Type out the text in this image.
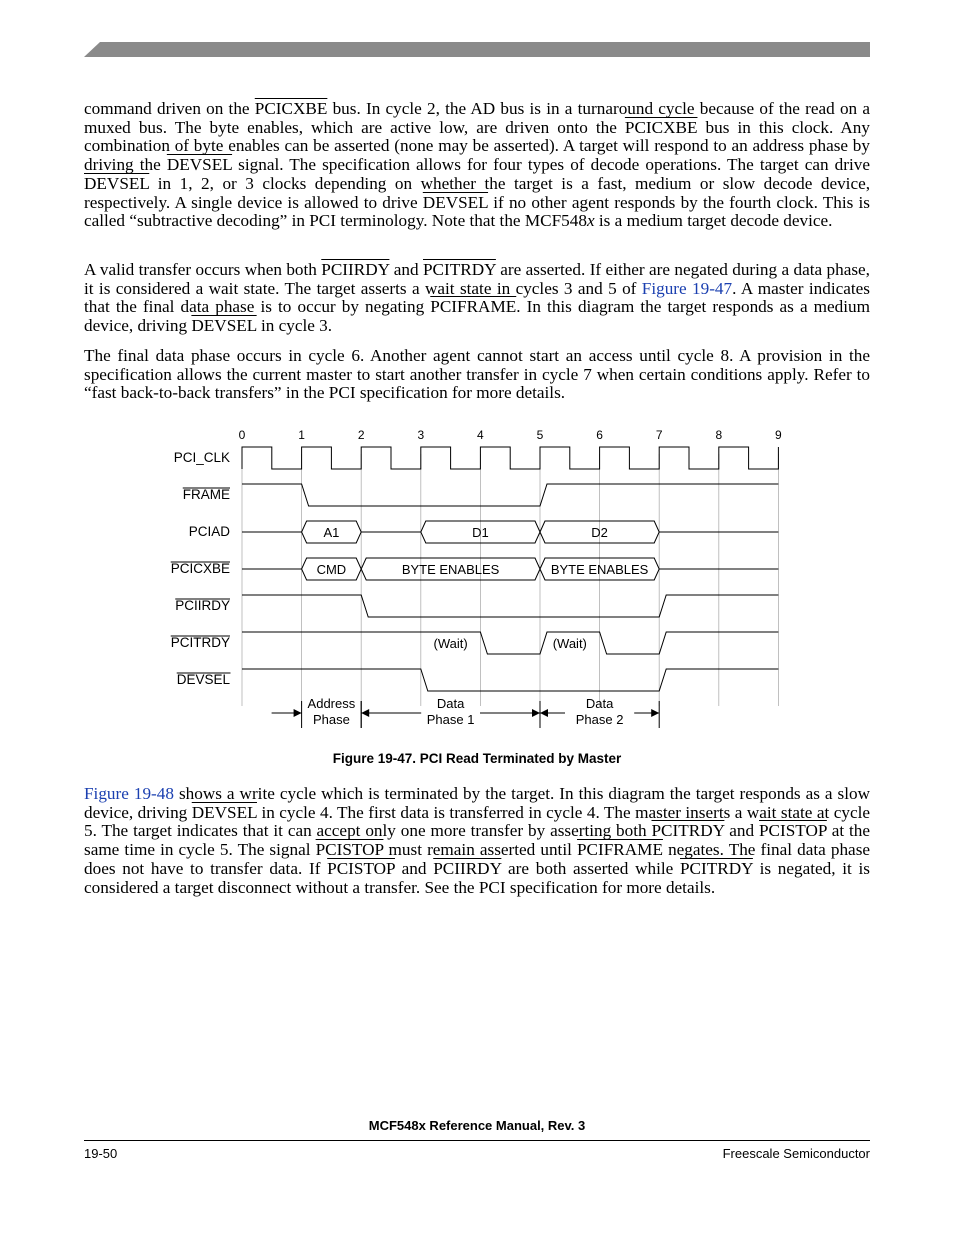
command driven on the PCICXBE bus. In cycle 2, the AD bus is in a turnaround cycle because of the read on a muxed bus. The byte enables, which are active low, are driven onto the PCICXBE bus in this clock. Any combination of byte enables can be asserted (none may be asserted). A target will respond to an address phase by driving the DEVSEL signal. The specification allows for four types of decode operations. The target can drive DEVSEL in 1, 2, or 3 clocks depending on whether the target is a fast, medium or slow decode device, respectively. A single device is allowed to drive DEVSEL if no other agent responds by the fourth clock. This is called “subtractive decoding” in PCI terminology. Note that the MCF548x is a medium target decode device.

A valid transfer occurs when both PCIIRDY and PCITRDY are asserted. If either are negated during a data phase, it is considered a wait state. The target asserts a wait state in cycles 3 and 5 of Figure 19-47. A master indicates that the final data phase is to occur by negating PCIFRAME. In this diagram the target responds as a medium device, driving DEVSEL in cycle 3.

The final data phase occurs in cycle 6. Another agent cannot start an access until cycle 8. A provision in the specification allows the current master to start another transfer in cycle 7 when certain conditions apply. Refer to “fast back-to-back transfers” in the PCI specification for more details.

0	1	2	3	4	5	6	7	8	9
PCI_CLK
FRAME
PCIAD
PCICXBE
PCIIRDY
PCITRDY
DEVSEL
(Wait)	(Wait)
A1	D1	D2
CMD	BYTE ENABLES	BYTE ENABLES
Address
Phase
Data
Phase 1
Data
Phase 2

Figure 19-47. PCI Read Terminated by Master

Figure 19-48 shows a write cycle which is terminated by the target. In this diagram the target responds as a slow device, driving DEVSEL in cycle 4. The first data is transferred in cycle 4. The master inserts a wait state at cycle 5. The target indicates that it can accept only one more transfer by asserting both PCITRDY and PCISTOP at the same time in cycle 5. The signal PCISTOP must remain asserted until PCIFRAME negates. The final data phase does not have to transfer data. If PCISTOP and PCIIRDY are both asserted while PCITRDY is negated, it is considered a target disconnect without a transfer. See the PCI specification for more details.

MCF548x Reference Manual, Rev. 3
19-50	Freescale Semiconductor
